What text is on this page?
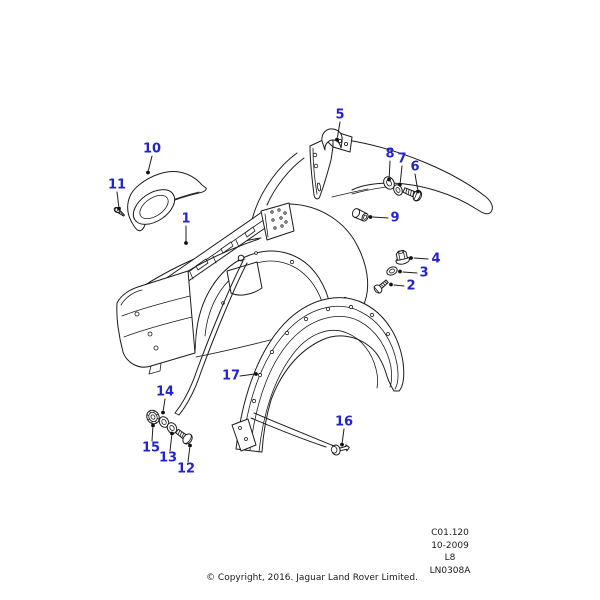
1
2
3
4
5
6
7
8
9
10
11
12
13
14
15
16
17
C01.120
10-2009
L8
LN0308A
© Copyright, 2016. Jaguar Land Rover Limited.
